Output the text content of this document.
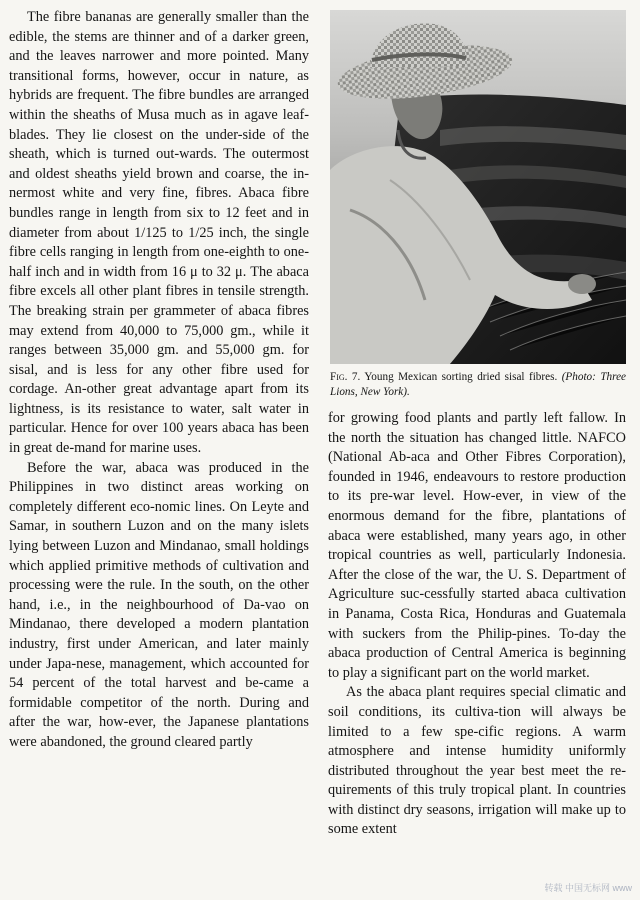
The fibre bananas are generally smaller than the edible, the stems are thinner and of a darker green, and the leaves narrower and more pointed. Many transitional forms, however, occur in nature, as hybrids are frequent. The fibre bundles are arranged within the sheaths of Musa much as in agave leaf-blades. They lie closest on the under-side of the sheath, which is turned out-wards. The outermost and oldest sheaths yield brown and coarse, the in-nermost white and very fine, fibres. Abaca fibre bundles range in length from six to 12 feet and in diameter from about 1/125 to 1/25 inch, the single fibre cells ranging in length from one-eighth to one-half inch and in width from 16 μ to 32 μ. The abaca fibre excels all other plant fibres in tensile strength. The breaking strain per grammeter of abaca fibres may extend from 40,000 to 75,000 gm., while it ranges between 35,000 gm. and 55,000 gm. for sisal, and is less for any other fibre used for cordage. An-other great advantage apart from its lightness, is its resistance to water, salt water in particular. Hence for over 100 years abaca has been in great de-mand for marine uses.

Before the war, abaca was produced in the Philippines in two distinct areas working on completely different eco-nomic lines. On Leyte and Samar, in southern Luzon and on the many islets lying between Luzon and Mindanao, small holdings which applied primitive methods of cultivation and processing were the rule. In the south, on the other hand, i.e., in the neighbourhood of Da-vao on Mindanao, there developed a modern plantation industry, first under American, and later mainly under Japa-nese, management, which accounted for 54 percent of the total harvest and be-came a formidable competitor of the north. During and after the war, how-ever, the Japanese plantations were abandoned, the ground cleared partly

Fig. 7. Young Mexican sorting dried sisal fibres. (Photo: Three Lions, New York).

for growing food plants and partly left fallow. In the north the situation has changed little. NAFCO (National Ab-aca and Other Fibres Corporation), founded in 1946, endeavours to restore production to its pre-war level. How-ever, in view of the enormous demand for the fibre, plantations of abaca were established, many years ago, in other tropical countries as well, particularly Indonesia. After the close of the war, the U. S. Department of Agriculture suc-cessfully started abaca cultivation in Panama, Costa Rica, Honduras and Guatemala with suckers from the Philip-pines. To-day the abaca production of Central America is beginning to play a significant part on the world market.

As the abaca plant requires special climatic and soil conditions, its cultiva-tion will always be limited to a few spe-cific regions. A warm atmosphere and intense humidity uniformly distributed throughout the year best meet the re-quirements of this truly tropical plant. In countries with distinct dry seasons, irrigation will make up to some extent

转载 中国无标网 www
